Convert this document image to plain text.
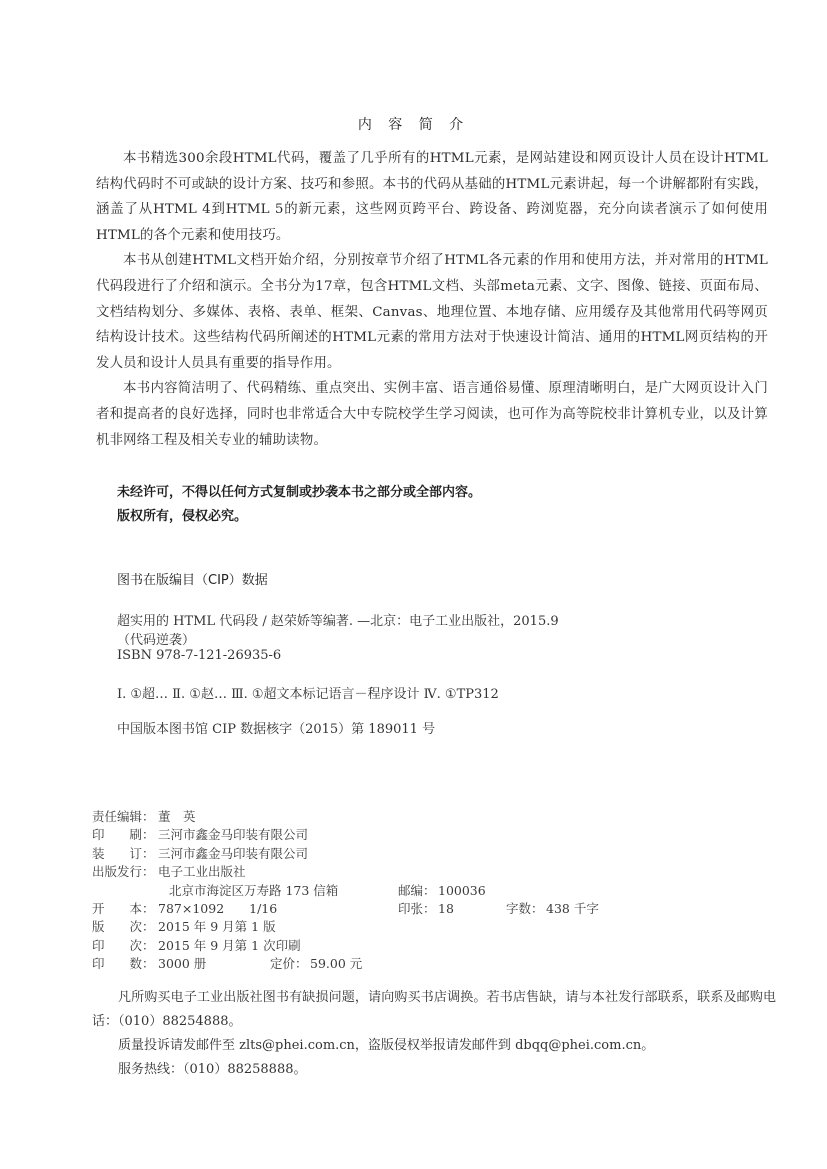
内 容 简 介

本书精选300余段HTML代码，覆盖了几乎所有的HTML元素，是网站建设和网页设计人员在设计HTML结构代码时不可或缺的设计方案、技巧和参照。本书的代码从基础的HTML元素讲起，每一个讲解都附有实践，涵盖了从HTML 4到HTML 5的新元素，这些网页跨平台、跨设备、跨浏览器，充分向读者演示了如何使用HTML的各个元素和使用技巧。

本书从创建HTML文档开始介绍，分别按章节介绍了HTML各元素的作用和使用方法，并对常用的HTML代码段进行了介绍和演示。全书分为17章，包含HTML文档、头部meta元素、文字、图像、链接、页面布局、文档结构划分、多媒体、表格、表单、框架、Canvas、地理位置、本地存储、应用缓存及其他常用代码等网页结构设计技术。这些结构代码所阐述的HTML元素的常用方法对于快速设计简洁、通用的HTML网页结构的开发人员和设计人员具有重要的指导作用。

本书内容简洁明了、代码精练、重点突出、实例丰富、语言通俗易懂、原理清晰明白，是广大网页设计入门者和提高者的良好选择，同时也非常适合大中专院校学生学习阅读，也可作为高等院校非计算机专业，以及计算机非网络工程及相关专业的辅助读物。

未经许可，不得以任何方式复制或抄袭本书之部分或全部内容。
版权所有，侵权必究。
图书在版编目（CIP）数据
超实用的 HTML 代码段 / 赵荣娇等编著. —北京：电子工业出版社，2015.9
（代码逆袭）
ISBN 978-7-121-26935-6
Ⅰ. ①超… Ⅱ. ①赵… Ⅲ. ①超文本标记语言－程序设计 Ⅳ. ①TP312
中国版本图书馆 CIP 数据核字（2015）第 189011 号
责任编辑： 董　英
印　　刷： 三河市鑫金马印装有限公司
装　　订： 三河市鑫金马印装有限公司
出版发行： 电子工业出版社
北京市海淀区万寿路 173 信箱	邮编： 100036
开　　本： 787×1092　　1/16	印张： 18	字数： 438 千字
版　　次： 2015 年 9 月第 1 版
印　　次： 2015 年 9 月第 1 次印刷
印　　数： 3000 册	定价： 59.00 元

凡所购买电子工业出版社图书有缺损问题，请向购买书店调换。若书店售缺，请与本社发行部联系，联系及邮购电话：（010）88254888。

质量投诉请发邮件至 zlts@phei.com.cn，盗版侵权举报请发邮件到 dbqq@phei.com.cn。

服务热线：（010）88258888。
